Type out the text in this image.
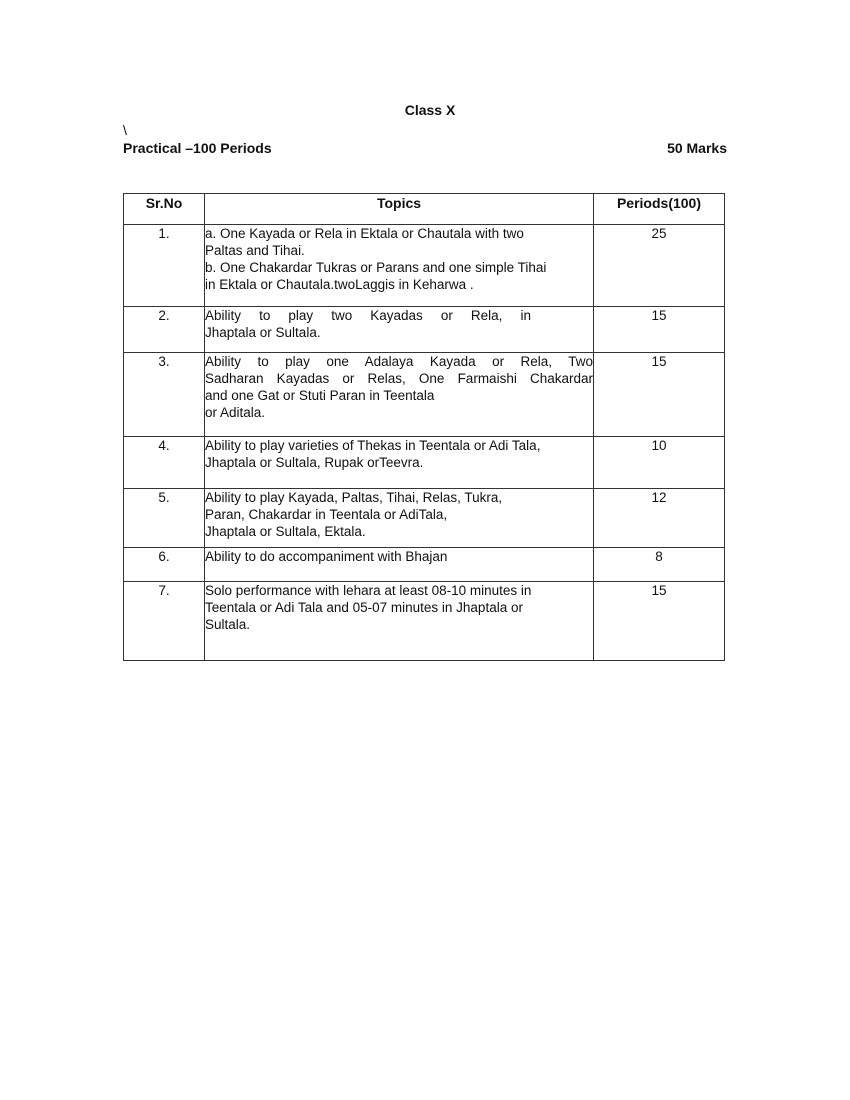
Class X
\
Practical –100 Periods	50 Marks
Sr.No	Topics	Periods(100)
1.	a. One Kayada or Rela in Ektala or Chautala with two
Paltas and Tihai.
b. One Chakardar Tukras or Parans and one simple Tihai
in Ektala or Chautala.twoLaggis in Keharwa .	25
2.	Ability to play two Kayadas or Rela, in
Jhaptala or Sultala.	15
3.	Ability to play one Adalaya Kayada or Rela, Two
Sadharan Kayadas or Relas, One Farmaishi Chakardar
and one Gat or Stuti Paran in Teentala
or Aditala.	15
4.	Ability to play varieties of Thekas in Teentala or Adi Tala,
Jhaptala or Sultala, Rupak orTeevra.	10
5.	Ability to play Kayada, Paltas, Tihai, Relas, Tukra,
Paran, Chakardar in Teentala or AdiTala,
Jhaptala or Sultala, Ektala.	12
6.	Ability to do accompaniment with Bhajan	8
7.	Solo performance with lehara at least 08-10 minutes in
Teentala or Adi Tala and 05-07 minutes in Jhaptala or
Sultala.	15
